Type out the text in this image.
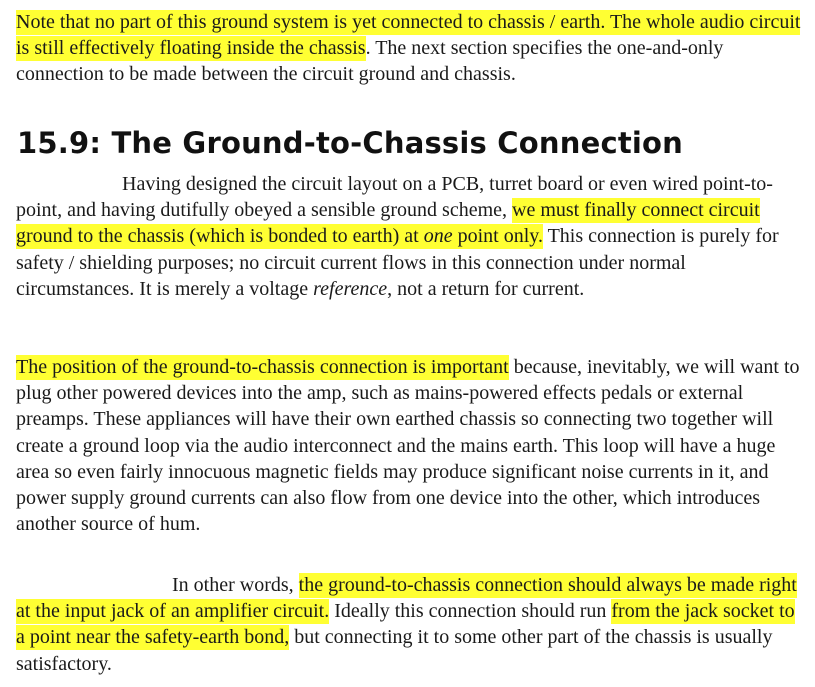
Note that no part of this ground system is yet connected to chassis / earth. The whole audio circuit is still effectively floating inside the chassis. The next section specifies the one-and-only connection to be made between the circuit ground and chassis.

15.9: The Ground-to-Chassis Connection

Having designed the circuit layout on a PCB, turret board or even wired point-to-point, and having dutifully obeyed a sensible ground scheme, we must finally connect circuit ground to the chassis (which is bonded to earth) at one point only. This connection is purely for safety / shielding purposes; no circuit current flows in this connection under normal circumstances. It is merely a voltage reference, not a return for current.

The position of the ground-to-chassis connection is important because, inevitably, we will want to plug other powered devices into the amp, such as mains-powered effects pedals or external preamps. These appliances will have their own earthed chassis so connecting two together will create a ground loop via the audio interconnect and the mains earth. This loop will have a huge area so even fairly innocuous magnetic fields may produce significant noise currents in it, and power supply ground currents can also flow from one device into the other, which introduces another source of hum.

In other words, the ground-to-chassis connection should always be made right at the input jack of an amplifier circuit. Ideally this connection should run from the jack socket to a point near the safety-earth bond, but connecting it to some other part of the chassis is usually satisfactory.
